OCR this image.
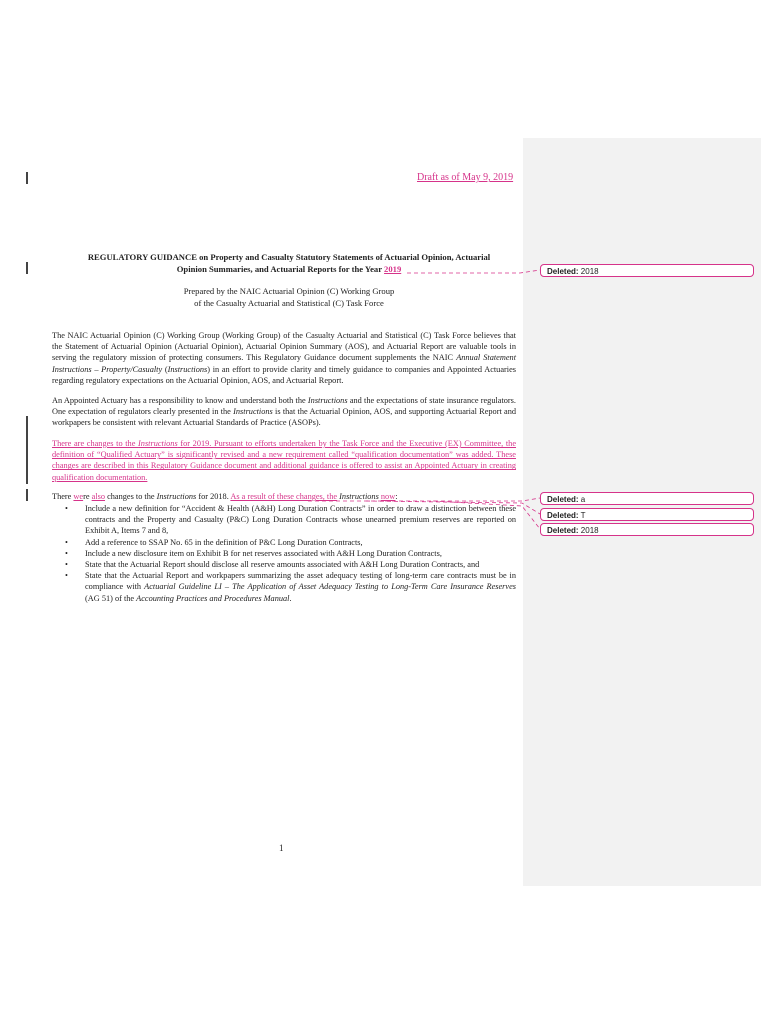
Draft as of May 9, 2019
REGULATORY GUIDANCE on Property and Casualty Statutory Statements of Actuarial Opinion, Actuarial
Opinion Summaries, and Actuarial Reports for the Year 2019
Prepared by the NAIC Actuarial Opinion (C) Working Group
of the Casualty Actuarial and Statistical (C) Task Force
The NAIC Actuarial Opinion (C) Working Group (Working Group) of the Casualty Actuarial and Statistical (C) Task Force believes that the Statement of Actuarial Opinion (Actuarial Opinion), Actuarial Opinion Summary (AOS), and Actuarial Report are valuable tools in serving the regulatory mission of protecting consumers. This Regulatory Guidance document supplements the NAIC Annual Statement Instructions – Property/Casualty (Instructions) in an effort to provide clarity and timely guidance to companies and Appointed Actuaries regarding regulatory expectations on the Actuarial Opinion, AOS, and Actuarial Report.
An Appointed Actuary has a responsibility to know and understand both the Instructions and the expectations of state insurance regulators. One expectation of regulators clearly presented in the Instructions is that the Actuarial Opinion, AOS, and supporting Actuarial Report and workpapers be consistent with relevant Actuarial Standards of Practice (ASOPs).
There are changes to the Instructions for 2019. Pursuant to efforts undertaken by the Task Force and the Executive (EX) Committee, the definition of “Qualified Actuary” is significantly revised and a new requirement called “qualification documentation” was added. These changes are described in this Regulatory Guidance document and additional guidance is offered to assist an Appointed Actuary in creating qualification documentation.
There were also changes to the Instructions for 2018. As a result of these changes, the Instructions now:
• Include a new definition for “Accident & Health (A&H) Long Duration Contracts” in order to draw a distinction between these contracts and the Property and Casualty (P&C) Long Duration Contracts whose unearned premium reserves are reported on Exhibit A, Items 7 and 8,
• Add a reference to SSAP No. 65 in the definition of P&C Long Duration Contracts,
• Include a new disclosure item on Exhibit B for net reserves associated with A&H Long Duration Contracts,
• State that the Actuarial Report should disclose all reserve amounts associated with A&H Long Duration Contracts, and
• State that the Actuarial Report and workpapers summarizing the asset adequacy testing of long-term care contracts must be in compliance with Actuarial Guideline LI – The Application of Asset Adequacy Testing to Long-Term Care Insurance Reserves (AG 51) of the Accounting Practices and Procedures Manual.
1
Deleted: 2018
Deleted: a
Deleted: T
Deleted: 2018
